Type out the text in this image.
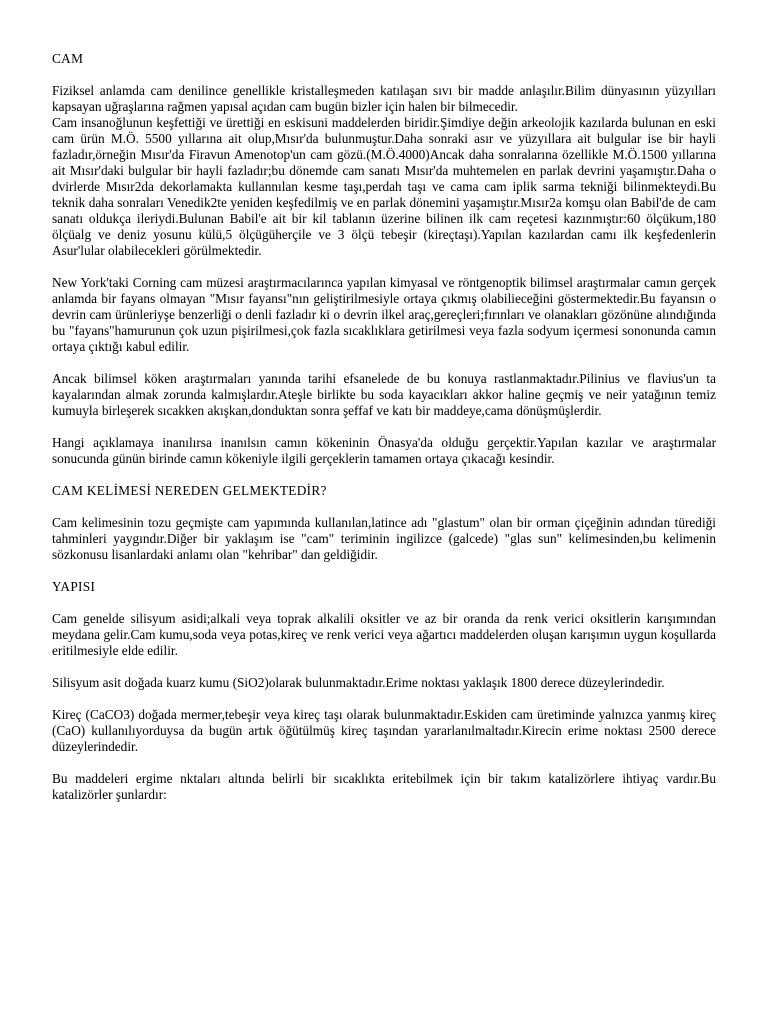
CAM

Fiziksel anlamda cam denilince genellikle kristalleşmeden katılaşan sıvı bir madde anlaşılır.Bilim dünyasının yüzyılları kapsayan uğraşlarına rağmen yapısal açıdan cam bugün bizler için halen bir bilmecedir.

Cam insanoğlunun keşfettiği ve ürettiği en eskisuni maddelerden biridir.Şimdiye değin arkeolojik kazılarda bulunan en eski cam ürün M.Ö. 5500 yıllarına ait olup,Mısır'da bulunmuştur.Daha sonraki asır ve yüzyıllara ait bulgular ise bir hayli fazladır,örneğin Mısır'da Firavun Amenotop'un cam gözü.(M.Ö.4000)Ancak daha sonralarına özellikle M.Ö.1500 yıllarına ait Mısır'daki bulgular bir hayli fazladır;bu dönemde cam sanatı Mısır'da muhtemelen en parlak devrini yaşamıştır.Daha o dvirlerde Mısır2da dekorlamakta kullannılan kesme taşı,perdah taşı ve cama cam iplik sarma tekniği bilinmekteydi.Bu teknik daha sonraları Venedik2te yeniden keşfedilmiş ve en parlak dönemini yaşamıştır.Mısır2a komşu olan Babil'de de cam sanatı oldukça ileriydi.Bulunan Babil'e ait bir kil tablanın üzerine bilinen ilk cam reçetesi kazınmıştır:60 ölçükum,180 ölçüalg ve deniz yosunu külü,5 ölçügüherçile ve 3 ölçü tebeşir (kireçtaşı).Yapılan kazılardan camı ilk keşfedenlerin Asur'lular olabilecekleri görülmektedir.

New York'taki Corning cam müzesi araştırmacılarınca yapılan kimyasal ve röntgenoptik bilimsel araştırmalar camın gerçek anlamda bir fayans olmayan "Mısır fayansı"nın geliştirilmesiyle ortaya çıkmış olabilieceğini göstermektedir.Bu fayansın o devrin cam ürünleriyşe benzerliği o denli fazladır ki o devrin ilkel araç,gereçleri;fırınları ve olanakları gözönüne alındığında bu "fayans"hamurunun çok uzun pişirilmesi,çok fazla sıcaklıklara getirilmesi veya fazla sodyum içermesi sononunda camın ortaya çıktığı kabul edilir.

Ancak bilimsel köken araştırmaları yanında tarihi efsanelede de bu konuya rastlanmaktadır.Pilinius ve flavius'un ta kayalarından almak zorunda kalmışlardır.Ateşle birlikte bu soda kayacıkları akkor haline geçmiş ve neir yatağının temiz kumuyla birleşerek sıcakken akışkan,donduktan sonra şeffaf ve katı bir maddeye,cama dönüşmüşlerdir.

Hangi açıklamaya inanılırsa inanılsın camın kökeninin Önasya'da olduğu gerçektir.Yapılan kazılar ve araştırmalar sonucunda günün birinde camın kökeniyle ilgili gerçeklerin tamamen ortaya çıkacağı kesindir.

CAM KELİMESİ NEREDEN GELMEKTEDİR?

Cam kelimesinin tozu geçmişte cam yapımında kullanılan,latince adı "glastum" olan bir orman çiçeğinin adından türediği tahminleri yaygındır.Diğer bir yaklaşım ise "cam" teriminin ingilizce (galcede) "glas sun" kelimesinden,bu kelimenin sözkonusu lisanlardaki anlamı olan "kehribar" dan geldiğidir.

YAPISI

Cam genelde silisyum asidi;alkali veya toprak alkalili oksitler ve az bir oranda da renk verici oksitlerin karışımından meydana gelir.Cam kumu,soda veya potas,kireç ve renk verici veya ağartıcı maddelerden oluşan karışımın uygun koşullarda eritilmesiyle elde edilir.

Silisyum asit doğada kuarz kumu (SiO2)olarak bulunmaktadır.Erime noktası yaklaşık 1800 derece düzeylerindedir.

Kireç (CaCO3) doğada mermer,tebeşir veya kireç taşı olarak bulunmaktadır.Eskiden cam üretiminde yalnızca yanmış kireç (CaO) kullanılıyorduysa da bugün artık öğütülmüş kireç taşından yararlanılmaltadır.Kirecin erime noktası 2500 derece düzeylerindedir.

Bu maddeleri ergime nktaları altında belirli bir sıcaklıkta eritebilmek için bir takım katalizörlere ihtiyaç vardır.Bu katalizörler şunlardır:
